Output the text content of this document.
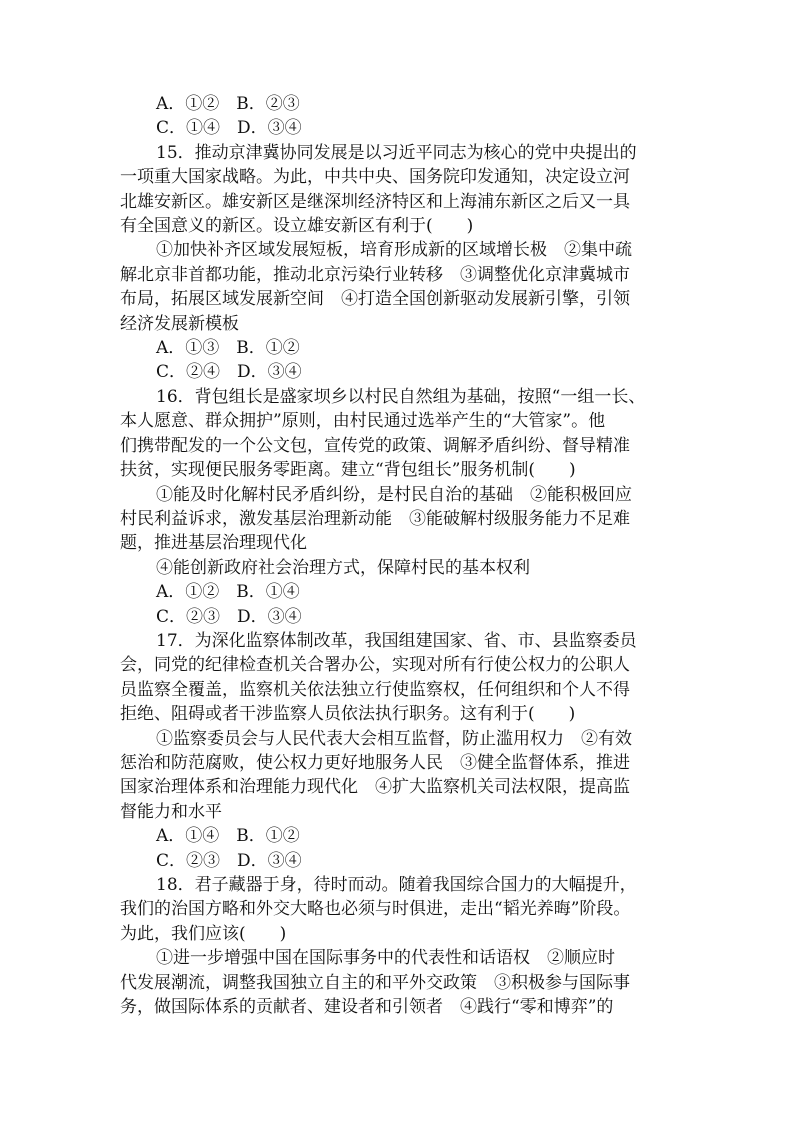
A．①②　B．②③
C．①④　D．③④
15．推动京津冀协同发展是以习近平同志为核心的党中央提出的
一项重大国家战略。为此，中共中央、国务院印发通知，决定设立河
北雄安新区。雄安新区是继深圳经济特区和上海浦东新区之后又一具
有全国意义的新区。设立雄安新区有利于(　　)
①加快补齐区域发展短板，培育形成新的区域增长极　②集中疏
解北京非首都功能，推动北京污染行业转移　③调整优化京津冀城市
布局，拓展区域发展新空间　④打造全国创新驱动发展新引擎，引领
经济发展新模板
A．①③　B．①②
C．②④　D．③④
16．背包组长是盛家坝乡以村民自然组为基础，按照“一组一长、
本人愿意、群众拥护”原则，由村民通过选举产生的“大管家”。他
们携带配发的一个公文包，宣传党的政策、调解矛盾纠纷、督导精准
扶贫，实现便民服务零距离。建立“背包组长”服务机制(　　)
①能及时化解村民矛盾纠纷，是村民自治的基础　②能积极回应
村民利益诉求，激发基层治理新动能　③能破解村级服务能力不足难
题，推进基层治理现代化
④能创新政府社会治理方式，保障村民的基本权利
A．①②　B．①④
C．②③　D．③④
17．为深化监察体制改革，我国组建国家、省、市、县监察委员
会，同党的纪律检查机关合署办公，实现对所有行使公权力的公职人
员监察全覆盖，监察机关依法独立行使监察权，任何组织和个人不得
拒绝、阻碍或者干涉监察人员依法执行职务。这有利于(　　)
①监察委员会与人民代表大会相互监督，防止滥用权力　②有效
惩治和防范腐败，使公权力更好地服务人民　③健全监督体系，推进
国家治理体系和治理能力现代化　④扩大监察机关司法权限，提高监
督能力和水平
A．①④　B．①②
C．②③　D．③④
18．君子藏器于身，待时而动。随着我国综合国力的大幅提升，
我们的治国方略和外交大略也必须与时俱进，走出“韬光养晦”阶段。
为此，我们应该(　　)
①进一步增强中国在国际事务中的代表性和话语权　②顺应时
代发展潮流，调整我国独立自主的和平外交政策　③积极参与国际事
务，做国际体系的贡献者、建设者和引领者　④践行“零和博弈”的
